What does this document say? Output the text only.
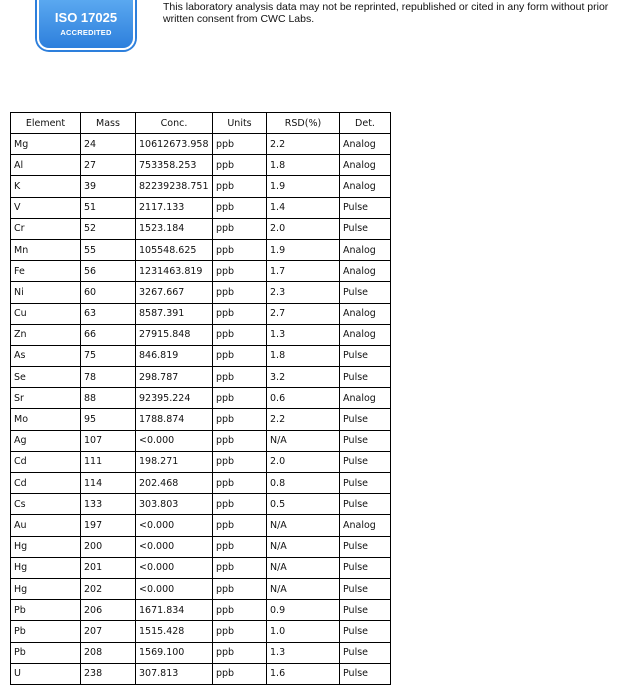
ISO 17025
ACCREDITED
This laboratory analysis data may not be reprinted, republished or cited in any form without prior written consent from CWC Labs.
Element	Mass	Conc.	Units	RSD(%)	Det.
Mg	24	10612673.958	ppb	2.2	Analog
Al	27	753358.253	ppb	1.8	Analog
K	39	82239238.751	ppb	1.9	Analog
V	51	2117.133	ppb	1.4	Pulse
Cr	52	1523.184	ppb	2.0	Pulse
Mn	55	105548.625	ppb	1.9	Analog
Fe	56	1231463.819	ppb	1.7	Analog
Ni	60	3267.667	ppb	2.3	Pulse
Cu	63	8587.391	ppb	2.7	Analog
Zn	66	27915.848	ppb	1.3	Analog
As	75	846.819	ppb	1.8	Pulse
Se	78	298.787	ppb	3.2	Pulse
Sr	88	92395.224	ppb	0.6	Analog
Mo	95	1788.874	ppb	2.2	Pulse
Ag	107	<0.000	ppb	N/A	Pulse
Cd	111	198.271	ppb	2.0	Pulse
Cd	114	202.468	ppb	0.8	Pulse
Cs	133	303.803	ppb	0.5	Pulse
Au	197	<0.000	ppb	N/A	Analog
Hg	200	<0.000	ppb	N/A	Pulse
Hg	201	<0.000	ppb	N/A	Pulse
Hg	202	<0.000	ppb	N/A	Pulse
Pb	206	1671.834	ppb	0.9	Pulse
Pb	207	1515.428	ppb	1.0	Pulse
Pb	208	1569.100	ppb	1.3	Pulse
U	238	307.813	ppb	1.6	Pulse
